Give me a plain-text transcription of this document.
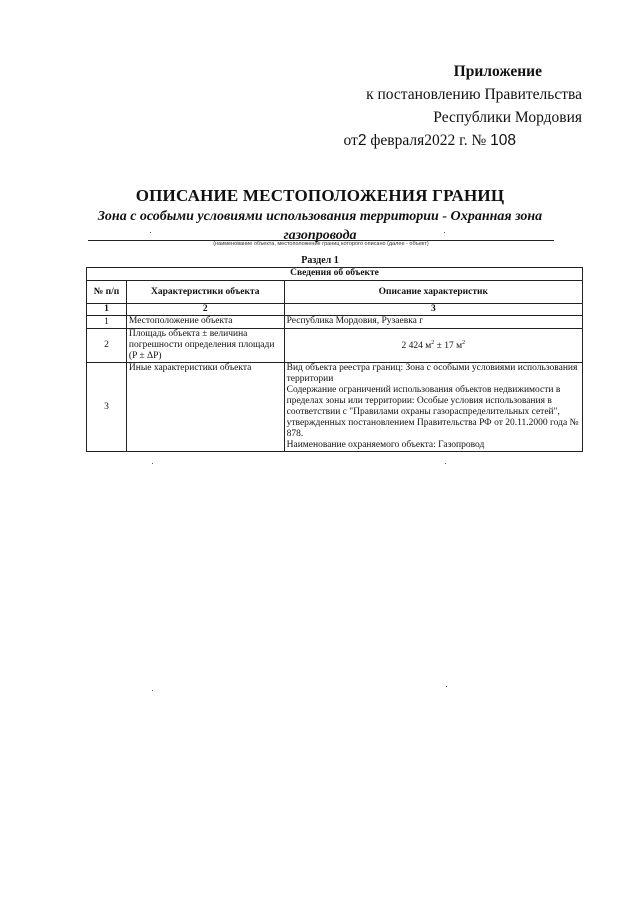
Приложение
к постановлению Правительства
Республики Мордовия
от2 февраля2022 г. № 108
ОПИСАНИЕ МЕСТОПОЛОЖЕНИЯ ГРАНИЦ
Зона с особыми условиями использования территории - Охранная зона
газопровода
(наименование объекта, местоположение границ которого описано (далее - объект)
Раздел 1
Сведения об объекте		
№ п/п	Характеристики объекта	Описание характеристик
1	2	3
1	Местоположение объекта	Республика Мордовия, Рузаевка г
2	Площадь объекта ± величина погрешности определения площади (P ± ΔP)	2 424 $м^2 \pm 17$ $м^2$
3	Иные характеристики объекта	Вид объекта реестра границ: Зона с особыми условиями использования территории
Содержание ограничений использования объектов недвижимости в пределах зоны или территории: Особые условия использования в соответствии с "Правилами охраны газораспределительных сетей", утвержденных постановлением Правительства РФ от 20.11.2000 года № 878.
Наименование охраняемого объекта: Газопровод
